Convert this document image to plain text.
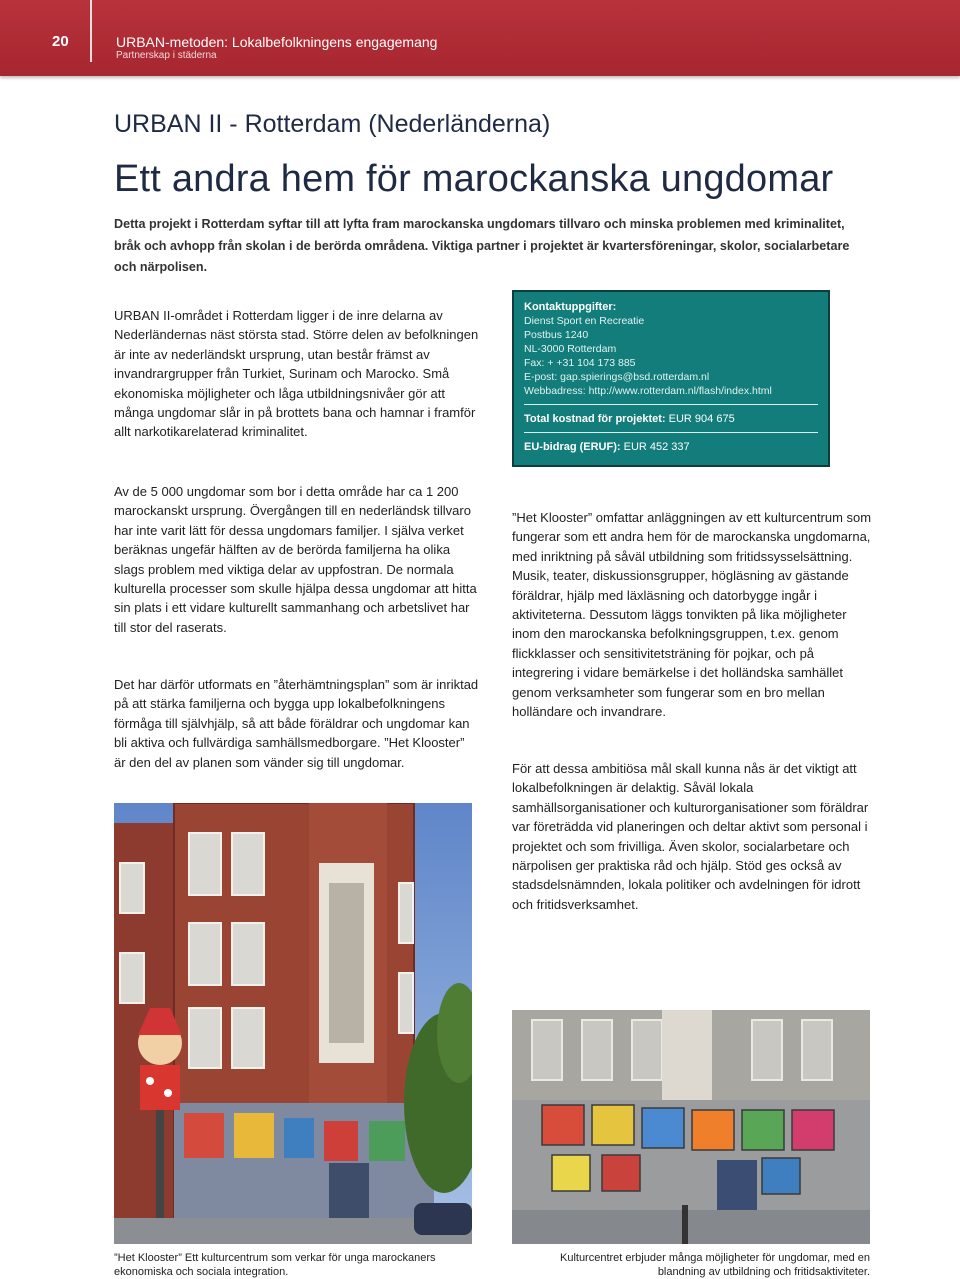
20	URBAN-metoden: Lokalbefolkningens engagemang
Partnerskap i städerna
URBAN II - Rotterdam (Nederländerna)
Ett andra hem för marockanska ungdomar

Detta projekt i Rotterdam syftar till att lyfta fram marockanska ungdomars tillvaro och minska problemen med kriminalitet, bråk och avhopp från skolan i de berörda områdena. Viktiga partner i projektet är kvartersföreningar, skolor, socialarbetare och närpolisen.

URBAN II-området i Rotterdam ligger i de inre delarna av Nederländernas näst största stad. Större delen av befolkningen är inte av nederländskt ursprung, utan består främst av invandrargrupper från Turkiet, Surinam och Marocko. Små ekonomiska möjligheter och låga utbildningsnivåer gör att många ungdomar slår in på brottets bana och hamnar i framför allt narkotikarelaterad kriminalitet.

Av de 5 000 ungdomar som bor i detta område har ca 1 200 marockanskt ursprung. Övergången till en nederländsk tillvaro har inte varit lätt för dessa ungdomars familjer. I själva verket beräknas ungefär hälften av de berörda familjerna ha olika slags problem med viktiga delar av uppfostran. De normala kulturella processer som skulle hjälpa dessa ungdomar att hitta sin plats i ett vidare kulturellt sammanhang och arbetslivet har till stor del raserats.

Det har därför utformats en ”återhämtningsplan” som är inriktad på att stärka familjerna och bygga upp lokalbefolkningens förmåga till självhjälp, så att både föräldrar och ungdomar kan bli aktiva och fullvärdiga samhällsmedborgare. ”Het Klooster” är den del av planen som vänder sig till ungdomar.

Kontaktuppgifter:
Dienst Sport en Recreatie
Postbus 1240
NL-3000 Rotterdam
Fax: + +31 104 173 885
E-post: gap.spierings@bsd.rotterdam.nl
Webbadress: http://www.rotterdam.nl/flash/index.html
Total kostnad för projektet: EUR 904 675
EU-bidrag (ERUF): EUR 452 337

”Het Klooster” omfattar anläggningen av ett kulturcentrum som fungerar som ett andra hem för de marockanska ungdomarna, med inriktning på såväl utbildning som fritidssysselsättning. Musik, teater, diskussionsgrupper, högläsning av gästande föräldrar, hjälp med läxläsning och datorbygge ingår i aktiviteterna. Dessutom läggs tonvikten på lika möjligheter inom den marockanska befolkningsgruppen, t.ex. genom flickklasser och sensitivitetsträning för pojkar, och på integrering i vidare bemärkelse i det holländska samhället genom verksamheter som fungerar som en bro mellan holländare och invandrare.

För att dessa ambitiösa mål skall kunna nås är det viktigt att lokalbefolkningen är delaktig. Såväl lokala samhällsorganisationer och kulturorganisationer som föräldrar var företrädda vid planeringen och deltar aktivt som personal i projektet och som frivilliga. Även skolor, socialarbetare och närpolisen ger praktiska råd och hjälp. Stöd ges också av stadsdelsnämnden, lokala politiker och avdelningen för idrott och fritidsverksamhet.

”Het Klooster” Ett kulturcentrum som verkar för unga marockaners ekonomiska och sociala integration.

Kulturcentret erbjuder många möjligheter för ungdomar, med en blandning av utbildning och fritidsaktiviteter.
